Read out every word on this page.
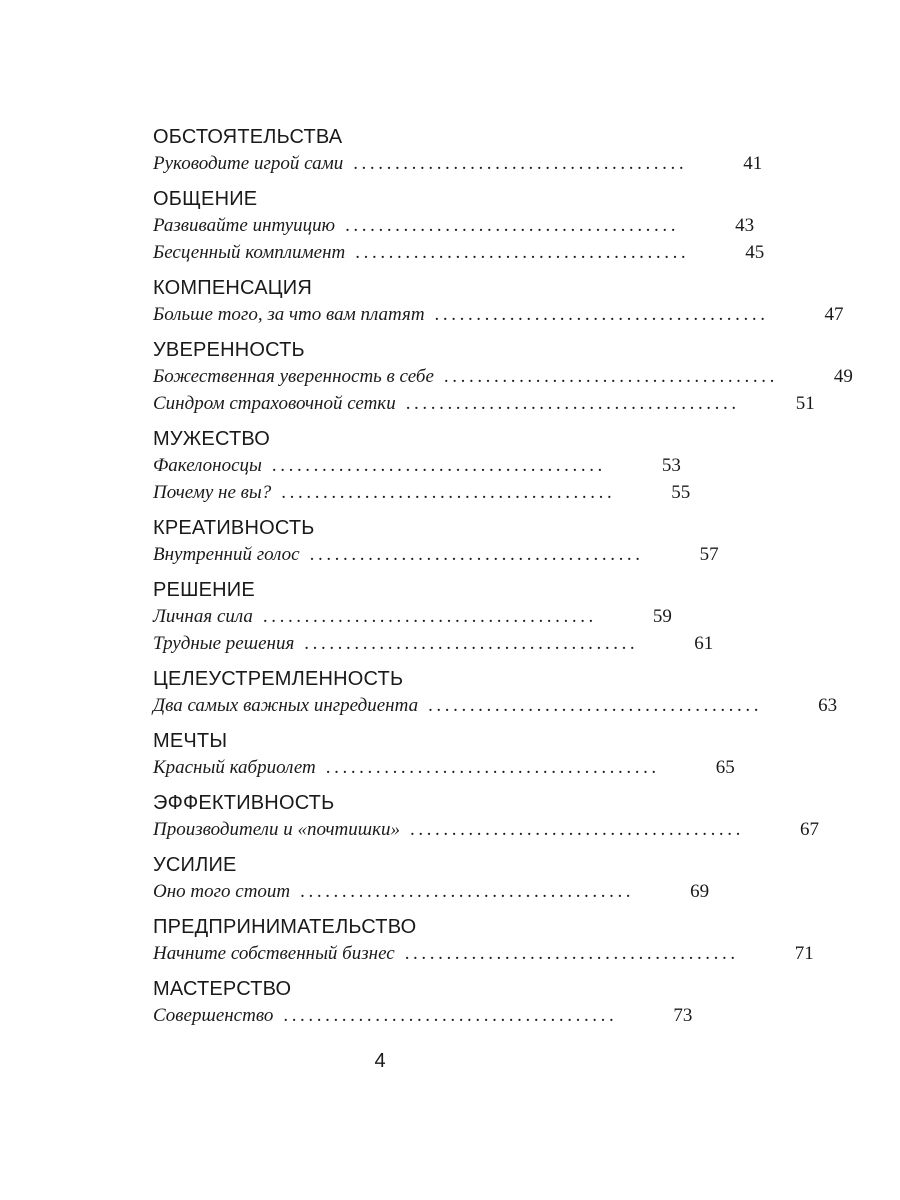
ОБСТОЯТЕЛЬСТВА
Руководите игрой сами ........................................	41
ОБЩЕНИЕ
Развивайте интуицию ........................................	43
Бесценный комплимент ........................................	45
КОМПЕНСАЦИЯ
Больше того, за что вам платят ........................................	47
УВЕРЕННОСТЬ
Божественная уверенность в себе ........................................	49
Синдром страховочной сетки ........................................	51
МУЖЕСТВО
Факелоносцы ........................................	53
Почему не вы? ........................................	55
КРЕАТИВНОСТЬ
Внутренний голос ........................................	57
РЕШЕНИЕ
Личная сила ........................................	59
Трудные решения ........................................	61
ЦЕЛЕУСТРЕМЛЕННОСТЬ
Два самых важных ингредиента ........................................	63
МЕЧТЫ
Красный кабриолет ........................................	65
ЭФФЕКТИВНОСТЬ
Производители и «почтишки» ........................................	67
УСИЛИЕ
Оно того стоит ........................................	69
ПРЕДПРИНИМАТЕЛЬСТВО
Начните собственный бизнес ........................................	71
МАСТЕРСТВО
Совершенство ........................................	73
4
